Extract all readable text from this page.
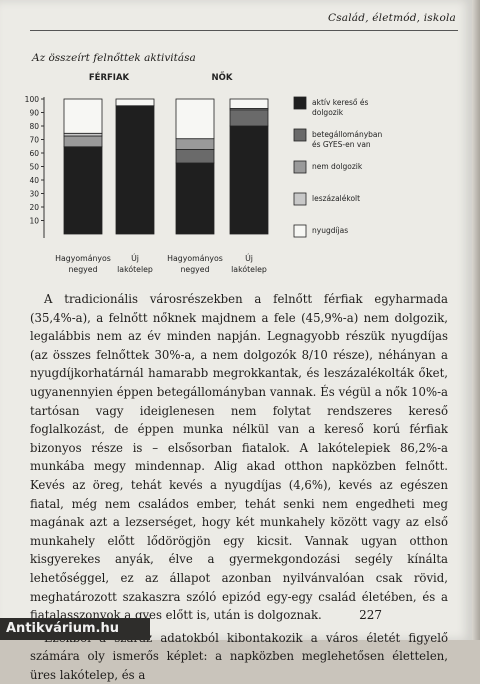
Család, életmód, iskola
Az összeírt felnőttek aktivitása
10
20
30
40
50
60
70
80
90
100
Hagyományos
negyed
Új
lakótelep
Hagyományos
negyed
Új
lakótelep
FÉRFIAK	NŐK
aktív kereső és
dolgozik
betegállományban
és GYES-en van
nem dolgozik
leszázalékolt
nyugdíjas

A tradicionális városrészekben a felnőtt férfiak egyharmada (35,4%-a), a felnőtt nőknek majdnem a fele (45,9%-a) nem dolgozik, legalábbis nem az év minden napján. Legnagyobb részük nyugdíjas (az összes felnőttek 30%-a, a nem dolgozók 8/10 része), néhányan a nyugdíjkorhatárnál hamarabb megrokkantak, és leszázalékolták őket, ugyanennyien éppen betegállományban vannak. És végül a nők 10%-a tartósan vagy ideiglenesen nem folytat rendszeres kereső foglalkozást, de éppen munka nélkül van a kereső korú férfiak bizonyos része is – elsősorban fiatalok. A lakótelepiek 86,2%-a munkába megy mindennap. Alig akad otthon napközben felnőtt. Kevés az öreg, tehát kevés a nyugdíjas (4,6%), kevés az egészen fiatal, még nem családos ember, tehát senki nem engedheti meg magának azt a lezserséget, hogy két munkahely között vagy az első munkahely előtt lődörögjön egy kicsit. Vannak ugyan otthon kisgyerekes anyák, élve a gyermekgondozási segély kínálta lehetőséggel, ez az állapot azonban nyilvánvalóan csak rövid, meghatározott szakaszra szóló epizód egy-egy család életében, és a fiatalasszonyok a gyes előtt is, után is dolgoznak.

Ezekből a száraz adatokból kibontakozik a város életét figyelő számára oly ismerős képlet: a napközben meglehetősen élettelen,

227
Antikvárium.hu
